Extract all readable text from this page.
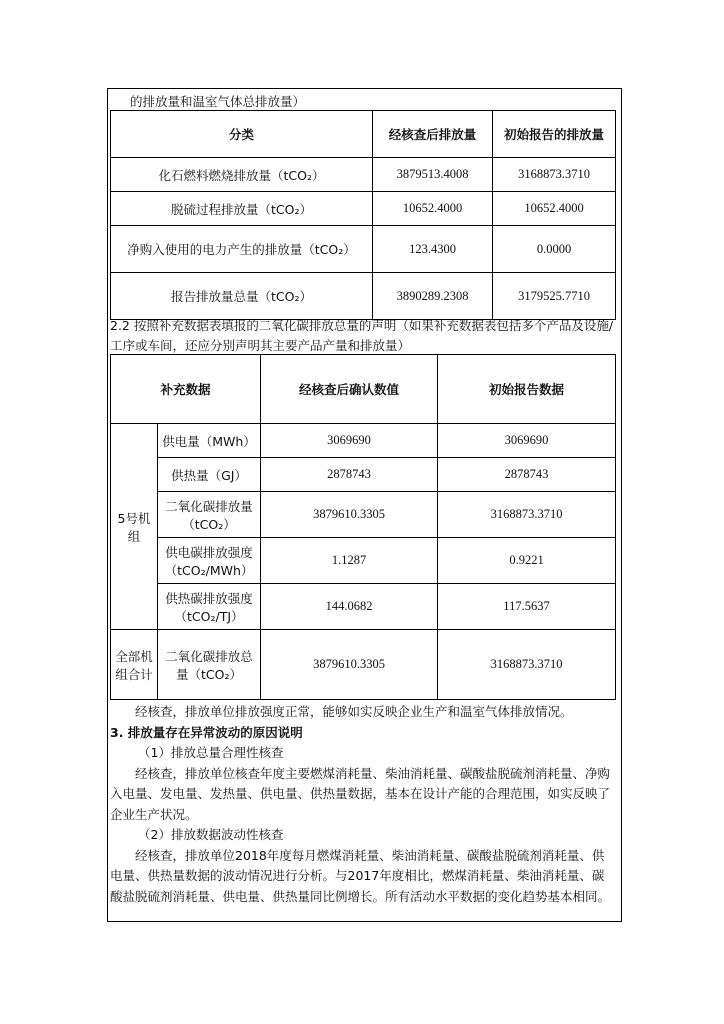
的排放量和温室气体总排放量）
分类	经核查后排放量	初始报告的排放量
化石燃料燃烧排放量（tCO₂）	3879513.4008	3168873.3710
脱硫过程排放量（tCO₂）	10652.4000	10652.4000
净购入使用的电力产生的排放量（tCO₂）	123.4300	0.0000
报告排放量总量（tCO₂）	3890289.2308	3179525.7710
2.2 按照补充数据表填报的二氧化碳排放总量的声明（如果补充数据表包括多个产品及设施/工序或车间，还应分别声明其主要产品产量和排放量）
补充数据		经核查后确认数值	初始报告数据
5号机组	供电量（MWh）	3069690	3069690
	供热量（GJ）	2878743	2878743
	二氧化碳排放量（tCO₂）	3879610.3305	3168873.3710
	供电碳排放强度（tCO₂/MWh）	1.1287	0.9221
	供热碳排放强度（tCO₂/TJ）	144.0682	117.5637
全部机组合计	二氧化碳排放总量（tCO₂）	3879610.3305	3168873.3710

经核查，排放单位排放强度正常，能够如实反映企业生产和温室气体排放情况。

3. 排放量存在异常波动的原因说明

（1）排放总量合理性核查

经核查，排放单位核查年度主要燃煤消耗量、柴油消耗量、碳酸盐脱硫剂消耗量、净购入电量、发电量、发热量、供电量、供热量数据，基本在设计产能的合理范围，如实反映了企业生产状况。

（2）排放数据波动性核查

经核查，排放单位2018年度每月燃煤消耗量、柴油消耗量、碳酸盐脱硫剂消耗量、供电量、供热量数据的波动情况进行分析。与2017年度相比，燃煤消耗量、柴油消耗量、碳酸盐脱硫剂消耗量、供电量、供热量同比例增长。所有活动水平数据的变化趋势基本相同。
